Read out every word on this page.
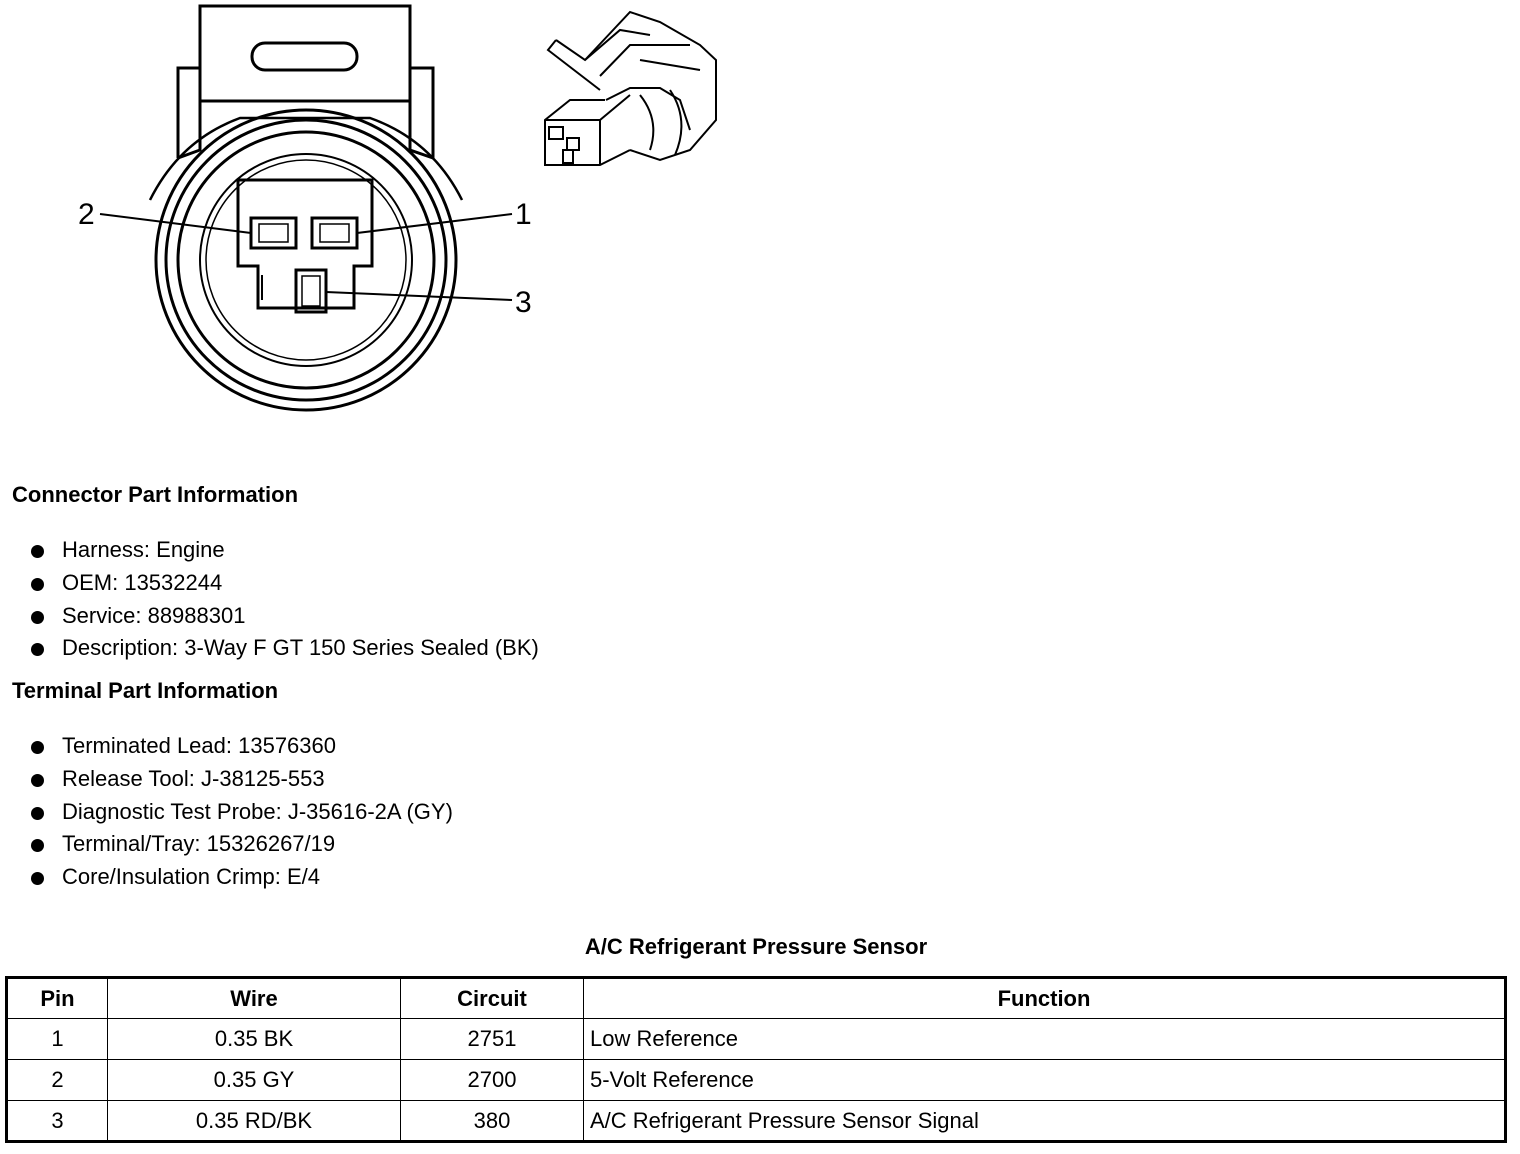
2	1
3
Connector Part Information
Harness: Engine
OEM: 13532244
Service: 88988301
Description: 3-Way F GT 150 Series Sealed (BK)
Terminal Part Information
Terminated Lead: 13576360
Release Tool: J-38125-553
Diagnostic Test Probe: J-35616-2A (GY)
Terminal/Tray: 15326267/19
Core/Insulation Crimp: E/4
A/C Refrigerant Pressure Sensor
Pin	Wire	Circuit	Function
1	0.35 BK	2751	Low Reference
2	0.35 GY	2700	5-Volt Reference
3	0.35 RD/BK	380	A/C Refrigerant Pressure Sensor Signal
